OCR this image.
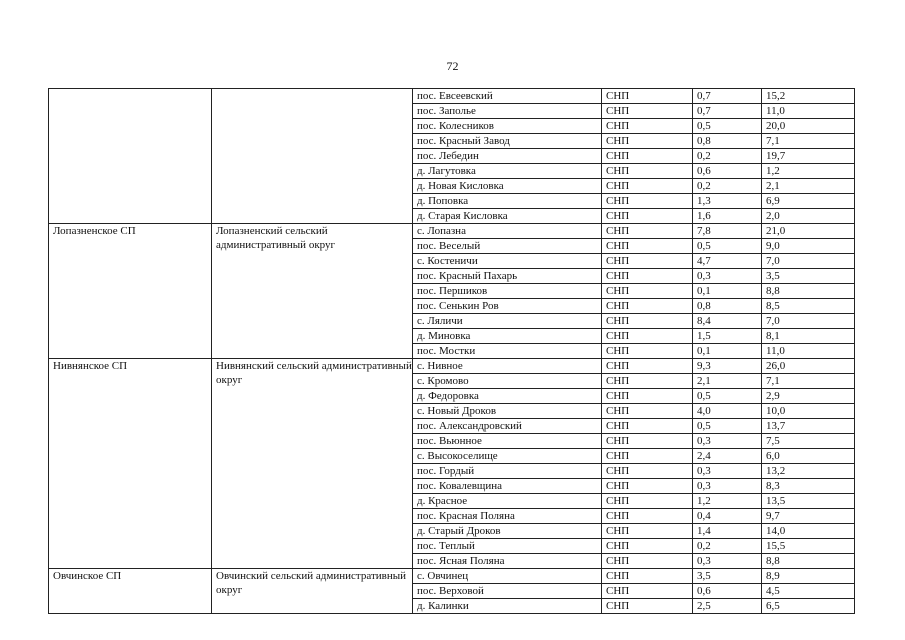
72
		пос. Евсеевский	СНП	0,7	15,2
		пос. Заполье	СНП	0,7	11,0
		пос. Колесников	СНП	0,5	20,0
		пос. Красный Завод	СНП	0,8	7,1
		пос. Лебедин	СНП	0,2	19,7
		д. Лагутовка	СНП	0,6	1,2
		д. Новая Кисловка	СНП	0,2	2,1
		д. Поповка	СНП	1,3	6,9
		д. Старая Кисловка	СНП	1,6	2,0
Лопазненское СП	Лопазненский сельский административный округ	с. Лопазна	СНП	7,8	21,0
		пос. Веселый	СНП	0,5	9,0
		с. Костеничи	СНП	4,7	7,0
		пос. Красный Пахарь	СНП	0,3	3,5
		пос. Першиков	СНП	0,1	8,8
		пос. Сенькин Ров	СНП	0,8	8,5
		с. Ляличи	СНП	8,4	7,0
		д. Миновка	СНП	1,5	8,1
		пос. Мостки	СНП	0,1	11,0
Нивнянское СП	Нивнянский сельский административный округ	с. Нивное	СНП	9,3	26,0
		с. Кромово	СНП	2,1	7,1
		д. Федоровка	СНП	0,5	2,9
		с. Новый Дроков	СНП	4,0	10,0
		пос. Александровский	СНП	0,5	13,7
		пос. Вьюнное	СНП	0,3	7,5
		с. Высокоселище	СНП	2,4	6,0
		пос. Гордый	СНП	0,3	13,2
		пос. Ковалевщина	СНП	0,3	8,3
		д. Красное	СНП	1,2	13,5
		пос. Красная Поляна	СНП	0,4	9,7
		д. Старый Дроков	СНП	1,4	14,0
		пос. Теплый	СНП	0,2	15,5
		пос. Ясная Поляна	СНП	0,3	8,8
Овчинское СП	Овчинский сельский административный округ	с. Овчинец	СНП	3,5	8,9
		пос. Верховой	СНП	0,6	4,5
		д. Калинки	СНП	2,5	6,5
